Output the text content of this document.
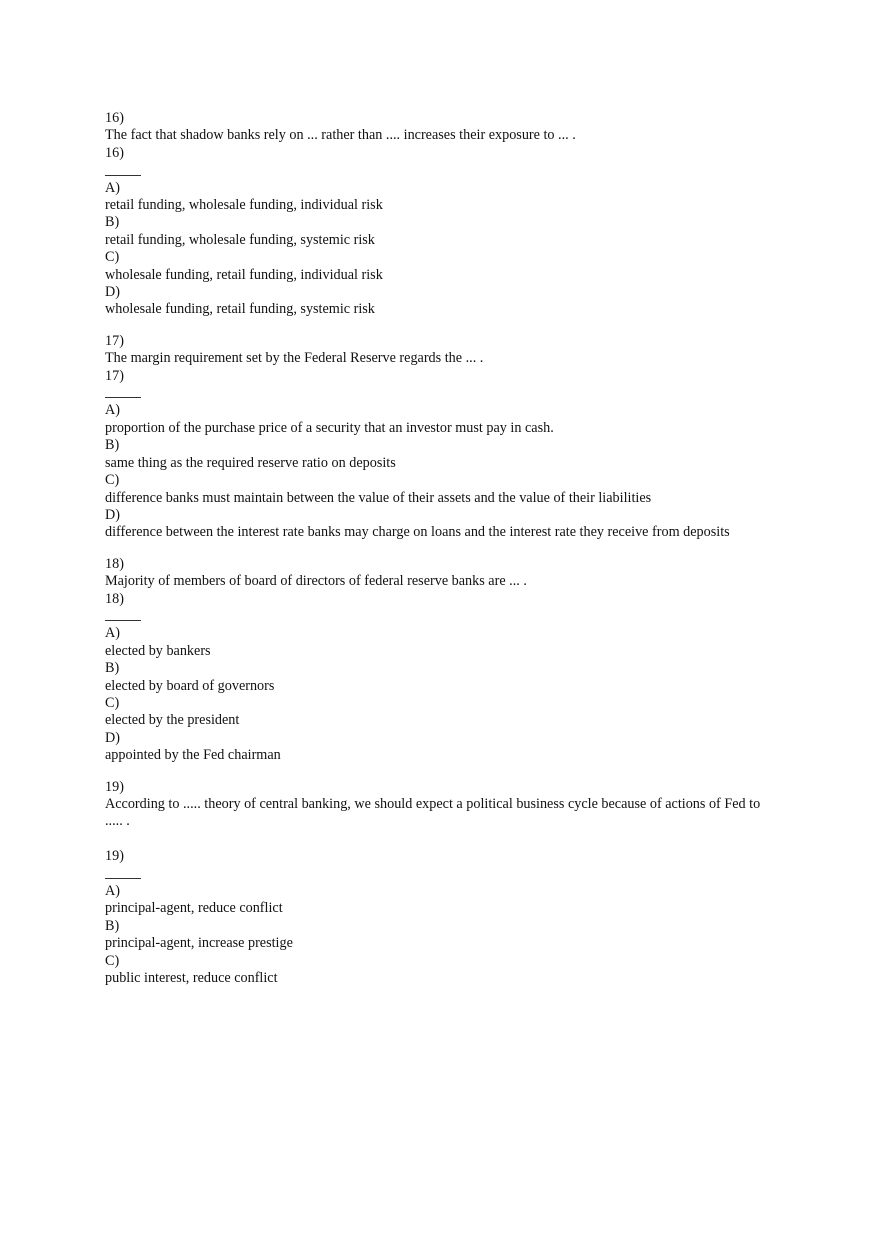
16)
The fact that shadow banks rely on ... rather than .... increases their exposure to ... .
16)
A)
retail funding, wholesale funding, individual risk
B)
retail funding, wholesale funding, systemic risk
C)
wholesale funding, retail funding, individual risk
D)
wholesale funding, retail funding, systemic risk
17)
The margin requirement set by the Federal Reserve regards the ... .
17)
A)
proportion of the purchase price of a security that an investor must pay in cash.
B)
same thing as the required reserve ratio on deposits
C)
difference banks must maintain between the value of their assets and the value of their liabilities
D)
difference between the interest rate banks may charge on loans and the interest rate they receive from deposits
18)
Majority of members of board of directors of federal reserve banks are ... .
18)
A)
elected by bankers
B)
elected by board of governors
C)
elected by the president
D)
appointed by the Fed chairman
19)
According to ..... theory of central banking, we should expect a political business cycle because of actions of Fed to ..... .
19)
A)
principal-agent, reduce conflict
B)
principal-agent, increase prestige
C)
public interest, reduce conflict
